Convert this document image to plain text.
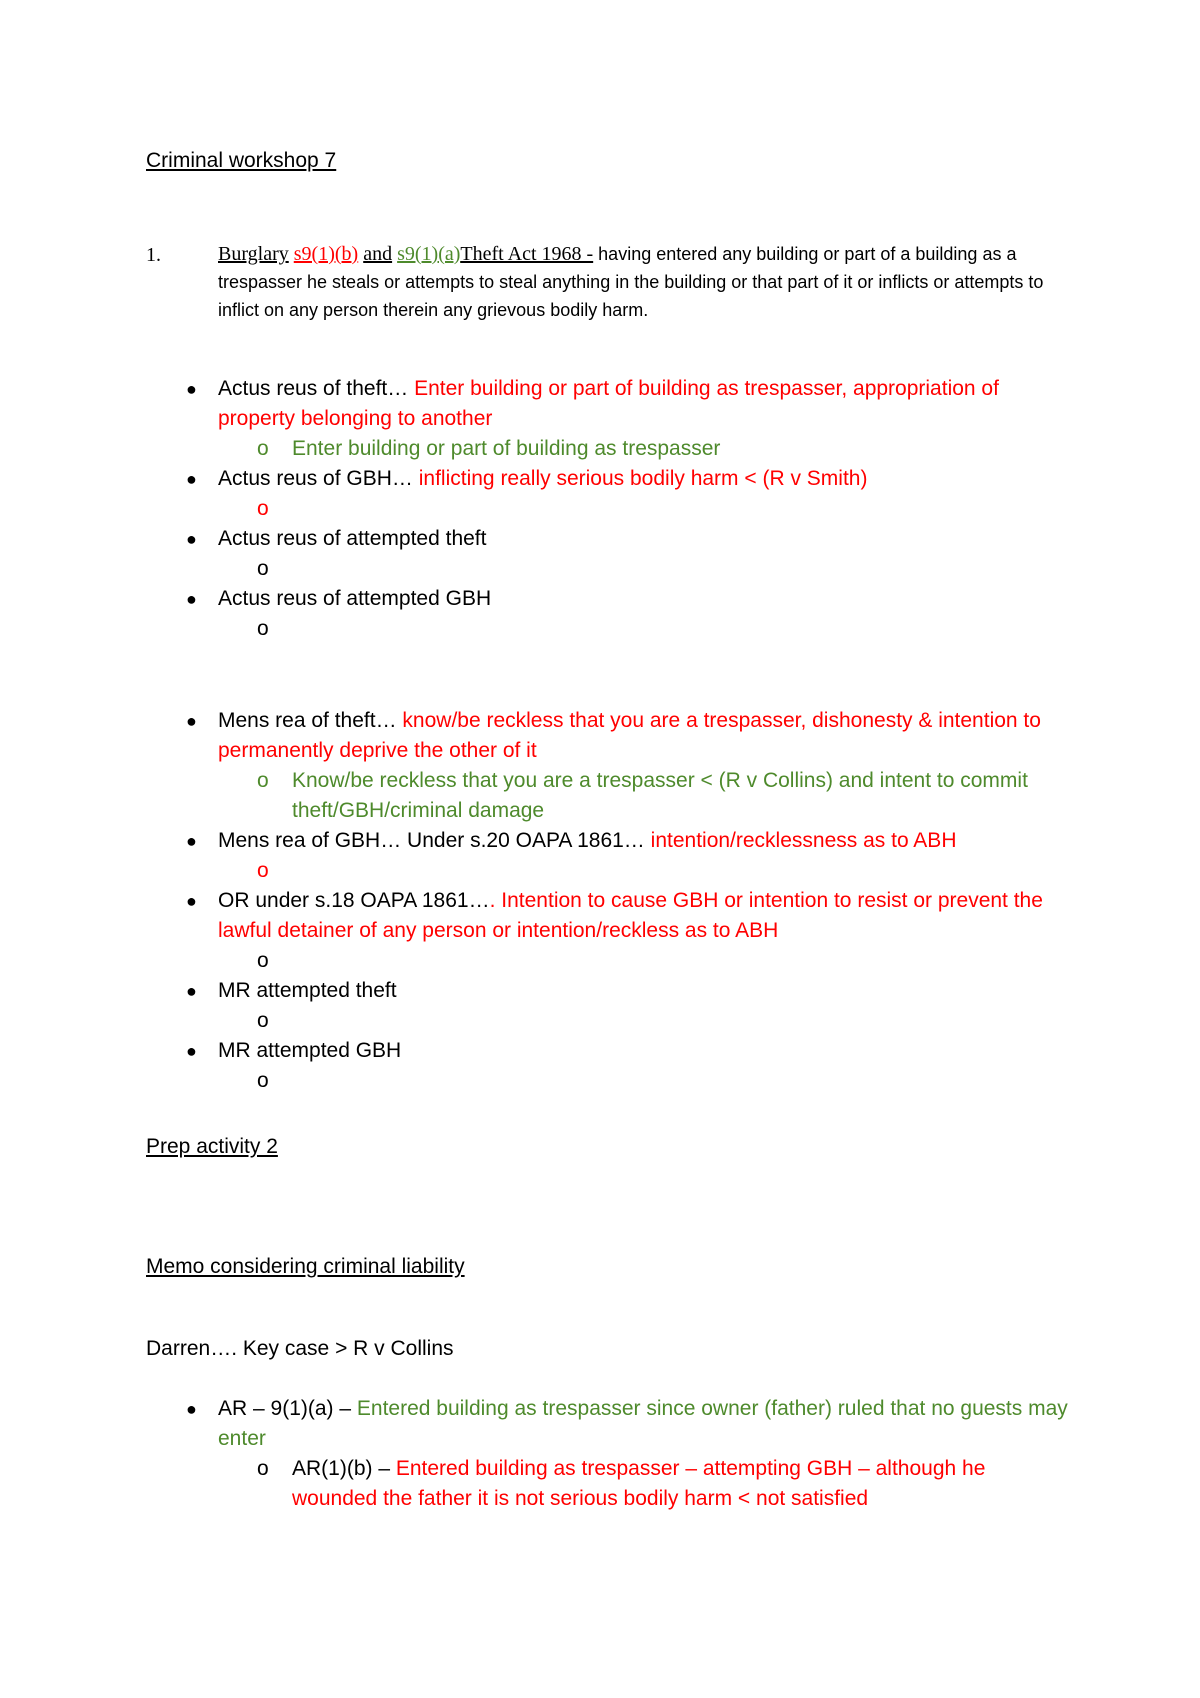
Criminal workshop 7

1.	Burglary s9(1)(b) and s9(1)(a)Theft Act 1968 - having entered any building or part of a building as a trespasser he steals or attempts to steal anything in the building or that part of it or inflicts or attempts to inflict on any person therein any grievous bodily harm.
● Actus reus of theft… Enter building or part of building as trespasser, appropriation of property belonging to another
o Enter building or part of building as trespasser
● Actus reus of GBH… inflicting really serious bodily harm < (R v Smith)
o
● Actus reus of attempted theft
o
● Actus reus of attempted GBH
o
● Mens rea of theft… know/be reckless that you are a trespasser, dishonesty & intention to permanently deprive the other of it
o Know/be reckless that you are a trespasser < (R v Collins) and intent to commit theft/GBH/criminal damage
● Mens rea of GBH… Under s.20 OAPA 1861… intention/recklessness as to ABH
o
● OR under s.18 OAPA 1861…. Intention to cause GBH or intention to resist or prevent the lawful detainer of any person or intention/reckless as to ABH
o
● MR attempted theft
o
● MR attempted GBH
o

Prep activity 2

Memo considering criminal liability

Darren…. Key case > R v Collins

● AR – 9(1)(a) – Entered building as trespasser since owner (father) ruled that no guests may enter
o AR(1)(b) – Entered building as trespasser – attempting GBH – although he wounded the father it is not serious bodily harm < not satisfied
